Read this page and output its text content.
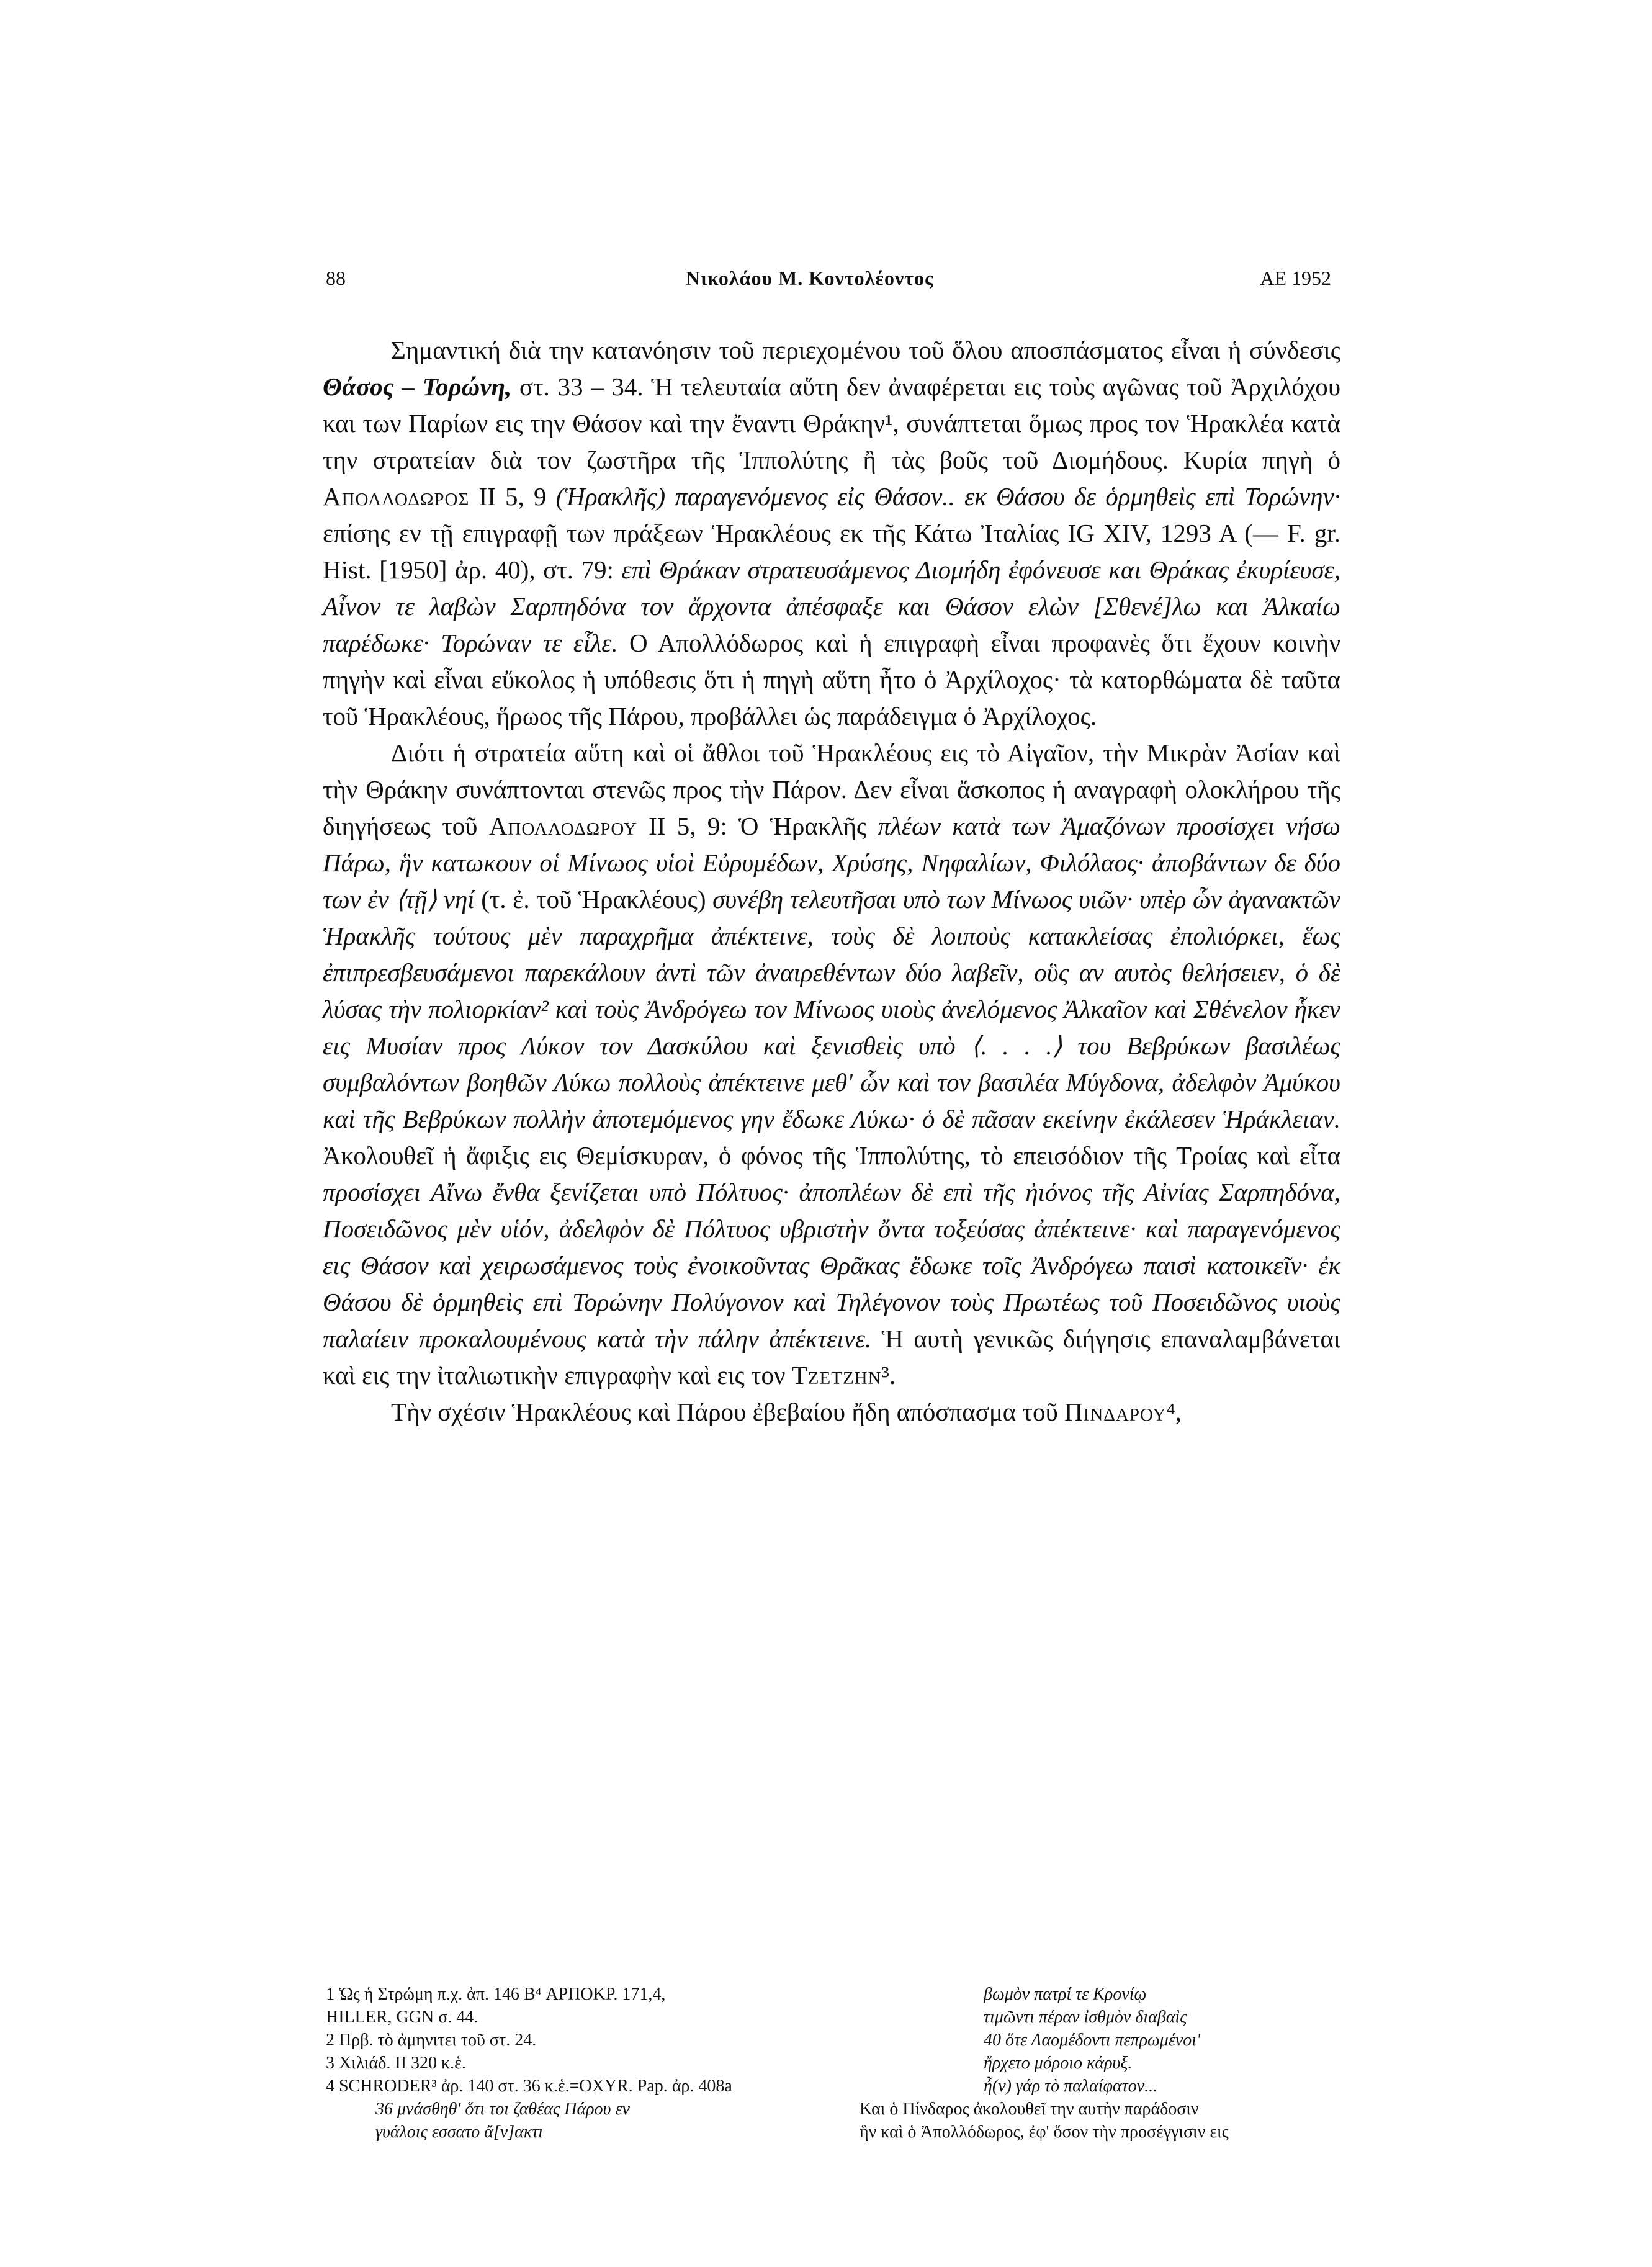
88	Νικολάου Μ. Κοντολέοντος	ΑΕ 1952

Σημαντική διὰ την κατανόησιν τοῦ περιεχομένου τοῦ ὅλου αποσπάσματος εἶναι ἡ σύνδεσις Θάσος – Τορώνη, στ. 33 – 34. Ἡ τελευταία αὕτη δεν ἀναφέρεται εις τοὺς αγῶνας τοῦ Ἀρχιλόχου και των Παρίων εις την Θάσον καὶ την ἔναντι Θράκην¹, συνάπτεται ὅμως προς τον Ἡρακλέα κατὰ την στρατείαν διὰ τον ζωστῆρα τῆς Ἱππολύτης ἢ τὰς βοῦς τοῦ Διομήδους. Κυρία πηγὴ ὁ Απολλοδωρος II 5, 9 (Ἡρακλῆς) παραγενόμενος εἰς Θάσον.. εκ Θάσου δε ὁρμηθεὶς επὶ Τορώνην· επίσης εν τῇ επιγραφῇ των πράξεων Ἡρακλέους εκ τῆς Κάτω Ἰταλίας IG XIV, 1293 A (— F. gr. Hist. [1950] ἀρ. 40), στ. 79: επὶ Θράκαν στρατευσάμενος Διομήδη ἐφόνευσε και Θράκας ἐκυρίευσε, Αἶνον τε λαβὼν Σαρπηδόνα τον ἄρχοντα ἀπέσφαξε και Θάσον ελὼν [Σθενέ]λω και Ἀλκαίω παρέδωκε· Τορώναν τε εἷλε. Ο Απολλόδωρος καὶ ἡ επιγραφὴ εἶναι προφανὲς ὅτι ἔχουν κοινὴν πηγὴν καὶ εἶναι εὔκολος ἡ υπόθεσις ὅτι ἡ πηγὴ αὕτη ἦτο ὁ Ἀρχίλοχος· τὰ κατορθώματα δὲ ταῦτα τοῦ Ἡρακλέους, ἥρωος τῆς Πάρου, προβάλλει ὡς παράδειγμα ὁ Ἀρχίλοχος.

Διότι ἡ στρατεία αὕτη καὶ οἱ ἄθλοι τοῦ Ἡρακλέους εις τὸ Αἰγαῖον, τὴν Μικρὰν Ἀσίαν καὶ τὴν Θράκην συνάπτονται στενῶς προς τὴν Πάρον. Δεν εἶναι ἄσκοπος ἡ αναγραφὴ ολοκλήρου τῆς διηγήσεως τοῦ Απολλοδωρου II 5, 9: Ὁ Ἡρακλῆς πλέων κατὰ των Ἀμαζόνων προσίσχει νήσω Πάρω, ἣν κατωκουν οἱ Μίνωος υἱοὶ Εὐρυμέδων, Χρύσης, Νηφαλίων, Φιλόλαος· ἀποβάντων δε δύο των ἐν ⟨τῇ⟩ νηί (τ. ἐ. τοῦ Ἡρακλέους) συνέβη τελευτῆσαι υπὸ των Μίνωος υιῶν· υπὲρ ὧν ἀγανακτῶν Ἡρακλῆς τούτους μὲν παραχρῆμα ἀπέκτεινε, τοὺς δὲ λοιποὺς κατακλείσας ἐπολιόρκει, ἕως ἐπιπρεσβευσάμενοι παρεκάλουν ἀντὶ τῶν ἀναιρεθέντων δύο λαβεῖν, οὓς αν αυτὸς θελήσειεν, ὁ δὲ λύσας τὴν πολιορκίαν² καὶ τοὺς Ἀνδρόγεω τον Μίνωος υιοὺς ἀνελόμενος Ἀλκαῖον καὶ Σθένελον ἧκεν εις Μυσίαν προς Λύκον τον Δασκύλου καὶ ξενισθεὶς υπὸ ⟨. . . .⟩ του Βεβρύκων βασιλέως συμβαλόντων βοηθῶν Λύκω πολλοὺς ἀπέκτεινε μεθ' ὧν καὶ τον βασιλέα Μύγδονα, ἀδελφὸν Ἀμύκου καὶ τῆς Βεβρύκων πολλὴν ἀποτεμόμενος γην ἔδωκε Λύκω· ὁ δὲ πᾶσαν εκείνην ἐκάλεσεν Ἡράκλειαν. Ἀκολουθεῖ ἡ ἄφιξις εις Θεμίσκυραν, ὁ φόνος τῆς Ἱππολύτης, τὸ επεισόδιον τῆς Τροίας καὶ εἶτα προσίσχει Αἴνω ἔνθα ξενίζεται υπὸ Πόλτυος· ἀποπλέων δὲ επὶ τῆς ἠιόνος τῆς Αἰνίας Σαρπηδόνα, Ποσειδῶνος μὲν υἱόν, ἀδελφὸν δὲ Πόλτυος υβριστὴν ὄντα τοξεύσας ἀπέκτεινε· καὶ παραγενόμενος εις Θάσον καὶ χειρωσάμενος τοὺς ἐνοικοῦντας Θρᾶκας ἔδωκε τοῖς Ἀνδρόγεω παισὶ κατοικεῖν· ἐκ Θάσου δὲ ὁρμηθεὶς επὶ Τορώνην Πολύγονον καὶ Τηλέγονον τοὺς Πρωτέως τοῦ Ποσειδῶνος υιοὺς παλαίειν προκαλουμένους κατὰ τὴν πάλην ἀπέκτεινε. Ἡ αυτὴ γενικῶς διήγησις επαναλαμβάνεται καὶ εις την ἰταλιωτικὴν επιγραφὴν καὶ εις τον Τζετζην³.

Τὴν σχέσιν Ἡρακλέους καὶ Πάρου ἐβεβαίου ἤδη απόσπασμα τοῦ Πινδαρου⁴,

1 Ὡς ἡ Στρώμη π.χ. ἀπ. 146 B⁴ ΑΡΠΟΚΡ. 171,4,
HILLER, GGN σ. 44.
2 Πρβ. τὸ ἀμηνιτει τοῦ στ. 24.
3 Χιλιάδ. II 320 κ.ἑ.
4 SCHRODER³ ἀρ. 140 στ. 36 κ.ἑ.=OXYR. Pap. ἀρ. 408a
36 μνάσθηθ' ὅτι τοι ζαθέας Πάρου εν
γυάλοις εσσατο ἄ[ν]ακτι
βωμὸν πατρί τε Κρονίῳ
τιμῶντι πέραν ἰσθμὸν διαβαὶς
40 ὅτε Λαομέδοντι πεπρωμένοι'
ἤρχετο μόροιο κάρυξ.
ἦ(ν) γάρ τὸ παλαίφατον...
Και ὁ Πίνδαρος ἀκολουθεῖ την αυτὴν παράδοσιν
ἣν καὶ ὁ Ἀπολλόδωρος, ἐφ' ὅσον τὴν προσέγγισιν εις
